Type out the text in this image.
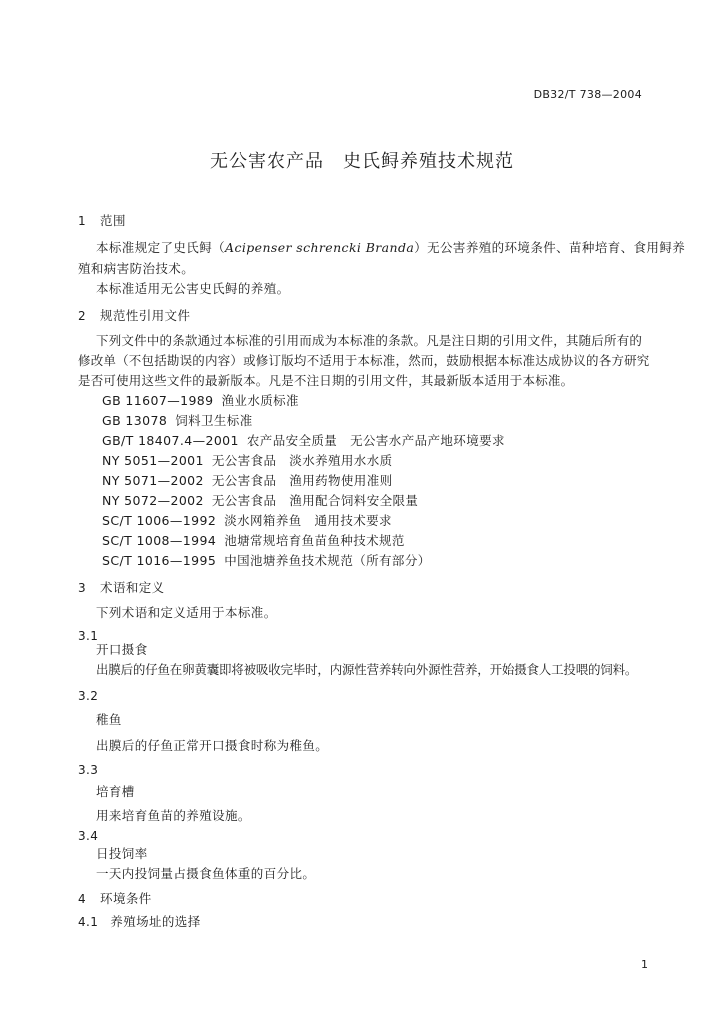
DB32/T 738—2004
无公害农产品　史氏鲟养殖技术规范
1 范围
本标准规定了史氏鲟（Acipenser schrencki Branda）无公害养殖的环境条件、苗种培育、食用鲟养
殖和病害防治技术。
本标准适用无公害史氏鲟的养殖。
2 规范性引用文件
下列文件中的条款通过本标准的引用而成为本标准的条款。凡是注日期的引用文件，其随后所有的
修改单（不包括勘误的内容）或修订版均不适用于本标准，然而，鼓励根据本标准达成协议的各方研究
是否可使用这些文件的最新版本。凡是不注日期的引用文件，其最新版本适用于本标准。
GB 11607—1989 渔业水质标准
GB 13078 饲料卫生标准
GB/T 18407.4—2001 农产品安全质量　无公害水产品产地环境要求
NY 5051—2001 无公害食品　淡水养殖用水水质
NY 5071—2002 无公害食品　渔用药物使用准则
NY 5072—2002 无公害食品　渔用配合饲料安全限量
SC/T 1006—1992 淡水网箱养鱼　通用技术要求
SC/T 1008—1994 池塘常规培育鱼苗鱼种技术规范
SC/T 1016—1995 中国池塘养鱼技术规范（所有部分）
3 术语和定义
下列术语和定义适用于本标准。
3.1
开口摄食
出膜后的仔鱼在卵黄囊即将被吸收完毕时，内源性营养转向外源性营养，开始摄食人工投喂的饲料。
3.2
稚鱼
出膜后的仔鱼正常开口摄食时称为稚鱼。
3.3
培育槽
用来培育鱼苗的养殖设施。
3.4
日投饲率
一天内投饲量占摄食鱼体重的百分比。
4 环境条件
4.1 养殖场址的选择
1
